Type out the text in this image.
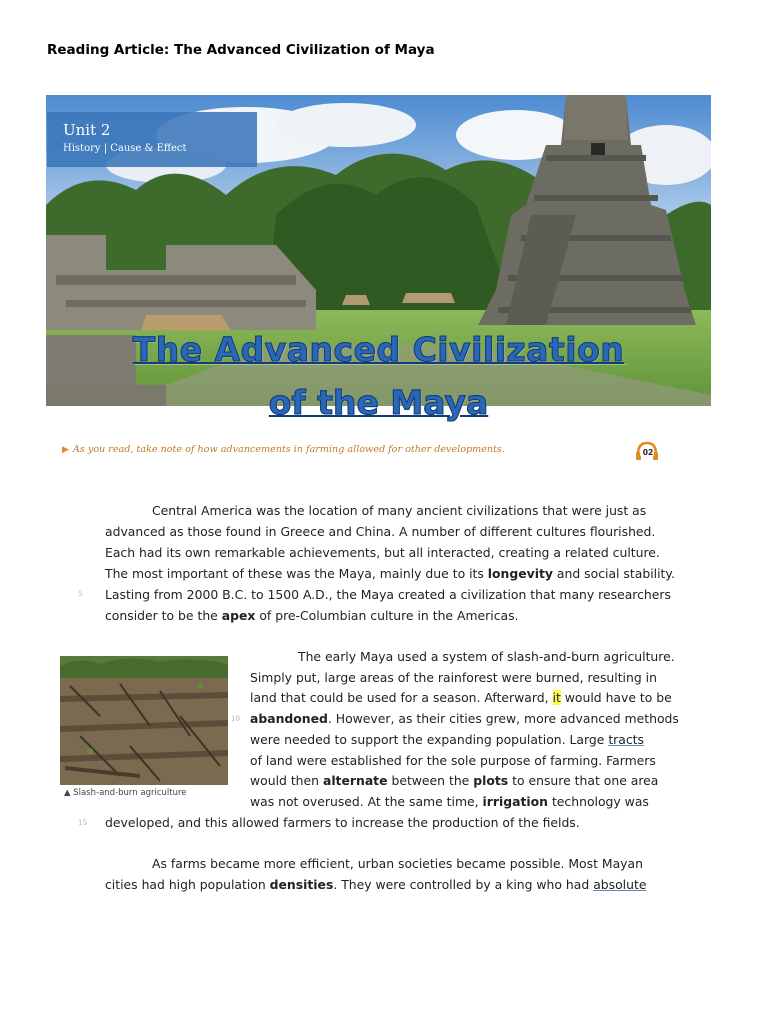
Reading Article: The Advanced Civilization of Maya
Unit 2
History | Cause & Effect
The Advanced Civilization
of the Maya
▶ As you read, take note of how advancements in farming allowed for other developments.	02
Central America was the location of many ancient civilizations that were just as
advanced as those found in Greece and China. A number of different cultures flourished.
Each had its own remarkable achievements, but all interacted, creating a related culture.
The most important of these was the Maya, mainly due to its longevity and social stability.
5 Lasting from 2000 B.C. to 1500 A.D., the Maya created a civilization that many researchers
consider to be the apex of pre-Columbian culture in the Americas.
▲ Slash-and-burn agriculture
The early Maya used a system of slash-and-burn agriculture.
Simply put, large areas of the rainforest were burned, resulting in
land that could be used for a season. Afterward, it would have to be
10 abandoned. However, as their cities grew, more advanced methods
were needed to support the expanding population. Large tracts
of land were established for the sole purpose of farming. Farmers
would then alternate between the plots to ensure that one area
was not overused. At the same time, irrigation technology was
15 developed, and this allowed farmers to increase the production of the fields.
As farms became more efficient, urban societies became possible. Most Mayan
cities had high population densities. They were controlled by a king who had absolute
